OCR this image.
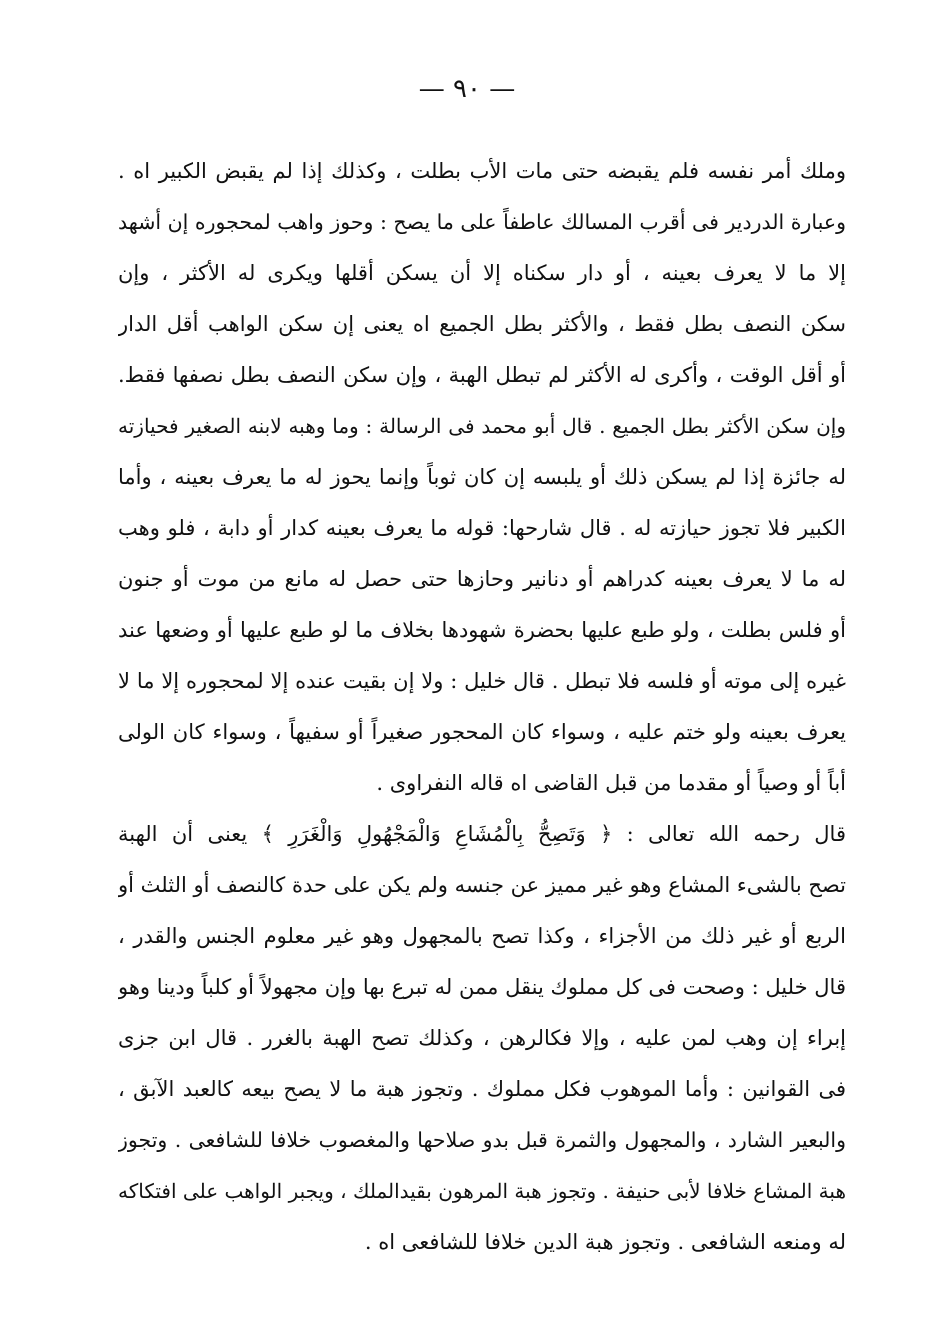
— ٩٠ —
وملك أمر نفسه فلم يقبضه حتى مات الأب بطلت ، وكذلك إذا لم يقبض الكبير اه .
وعبارة الدردير فى أقرب المسالك عاطفاً على ما يصح : وحوز واهب لمحجوره إن أشهد
إلا ما لا يعرف بعينه ، أو دار سكناه إلا أن يسكن أقلها ويكرى له الأكثر ، وإن
سكن النصف بطل فقط ، والأكثر بطل الجميع اه يعنى إن سكن الواهب أقل الدار
أو أقل الوقت ، وأكرى له الأكثر لم تبطل الهبة ، وإن سكن النصف بطل نصفها فقط.
وإن سكن الأكثر بطل الجميع . قال أبو محمد فى الرسالة : وما وهبه لابنه الصغير فحيازته
له جائزة إذا لم يسكن ذلك أو يلبسه إن كان ثوباً وإنما يحوز له ما يعرف بعينه ، وأما
الكبير فلا تجوز حيازته له . قال شارحها: قوله ما يعرف بعينه كدار أو دابة ، فلو وهب
له ما لا يعرف بعينه كدراهم أو دنانير وحازها حتى حصل له مانع من موت أو جنون
أو فلس بطلت ، ولو طبع عليها بحضرة شهودها بخلاف ما لو طبع عليها أو وضعها عند
غيره إلى موته أو فلسه فلا تبطل . قال خليل : ولا إن بقيت عنده إلا لمحجوره إلا ما لا
يعرف بعينه ولو ختم عليه ، وسواء كان المحجور صغيراً أو سفيهاً ، وسواء كان الولى
أباً أو وصياً أو مقدما من قبل القاضى اه قاله النفراوى .
قال رحمه الله تعالى : ﴿ وَتَصِحُّ بِالْمُشَاعِ وَالْمَجْهُولِ وَالْغَرَرِ ﴾ يعنى أن الهبة
تصح بالشىء المشاع وهو غير مميز عن جنسه ولم يكن على حدة كالنصف أو الثلث أو
الربع أو غير ذلك من الأجزاء ، وكذا تصح بالمجهول وهو غير معلوم الجنس والقدر ،
قال خليل : وصحت فى كل مملوك ينقل ممن له تبرع بها وإن مجهولاً أو كلباً ودينا وهو
إبراء إن وهب لمن عليه ، وإلا فكالرهن ، وكذلك تصح الهبة بالغرر . قال ابن جزى
فى القوانين : وأما الموهوب فكل مملوك . وتجوز هبة ما لا يصح بيعه كالعبد الآبق ،
والبعير الشارد ، والمجهول والثمرة قبل بدو صلاحها والمغصوب خلافا للشافعى . وتجوز
هبة المشاع خلافا لأبى حنيفة . وتجوز هبة المرهون بقيدالملك ، ويجبر الواهب على افتكاكه
له ومنعه الشافعى . وتجوز هبة الدين خلافا للشافعى اه .
